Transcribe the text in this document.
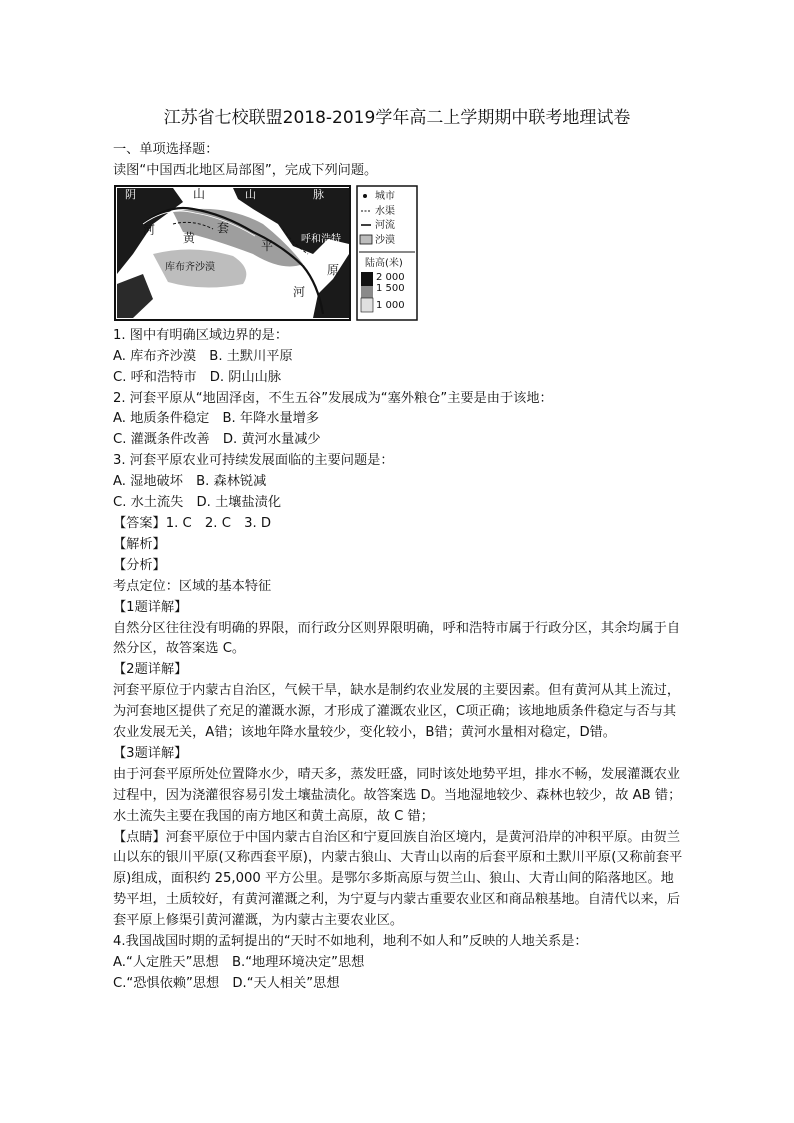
江苏省七校联盟2018-2019学年高二上学期期中联考地理试卷

一、单项选择题：

读图“中国西北地区局部图”，完成下列问题。

阴	山	山	脉
河
黄
套
平
库布齐沙漠
呼和浩特
原
河
城市
水渠
河流
沙漠
陆高(米)
2 000
1 500
1 000

1. 图中有明确区域边界的是：

A. 库布齐沙漠　B. 土默川平原

C. 呼和浩特市　D. 阴山山脉

2. 河套平原从“地固泽卤，不生五谷”发展成为“塞外粮仓”主要是由于该地：

A. 地质条件稳定　B. 年降水量增多

C. 灌溉条件改善　D. 黄河水量减少

3. 河套平原农业可持续发展面临的主要问题是：

A. 湿地破坏　B. 森林锐减

C. 水土流失　D. 土壤盐渍化

【答案】1. C　2. C　3. D

【解析】

【分析】

考点定位：区域的基本特征

【1题详解】

自然分区往往没有明确的界限，而行政分区则界限明确，呼和浩特市属于行政分区，其余均属于自然分区，故答案选 C。

【2题详解】

河套平原位于内蒙古自治区，气候干旱，缺水是制约农业发展的主要因素。但有黄河从其上流过，为河套地区提供了充足的灌溉水源，才形成了灌溉农业区，C项正确；该地地质条件稳定与否与其农业发展无关，A错；该地年降水量较少，变化较小，B错；黄河水量相对稳定，D错。

【3题详解】

由于河套平原所处位置降水少，晴天多，蒸发旺盛，同时该处地势平坦，排水不畅，发展灌溉农业过程中，因为浇灌很容易引发土壤盐渍化。故答案选 D。当地湿地较少、森林也较少，故 AB 错；水土流失主要在我国的南方地区和黄土高原，故 C 错；

【点睛】河套平原位于中国内蒙古自治区和宁夏回族自治区境内，是黄河沿岸的冲积平原。由贺兰山以东的银川平原(又称西套平原)，内蒙古狼山、大青山以南的后套平原和土默川平原(又称前套平原)组成，面积约 25,000 平方公里。是鄂尔多斯高原与贺兰山、狼山、大青山间的陷落地区。地势平坦，土质较好，有黄河灌溉之利，为宁夏与内蒙古重要农业区和商品粮基地。自清代以来，后套平原上修渠引黄河灌溉，为内蒙古主要农业区。

4.我国战国时期的孟轲提出的“天时不如地利，地利不如人和”反映的人地关系是：

A.“人定胜天”思想　B.“地理环境决定”思想

C.“恐惧依赖”思想　D.“天人相关”思想
